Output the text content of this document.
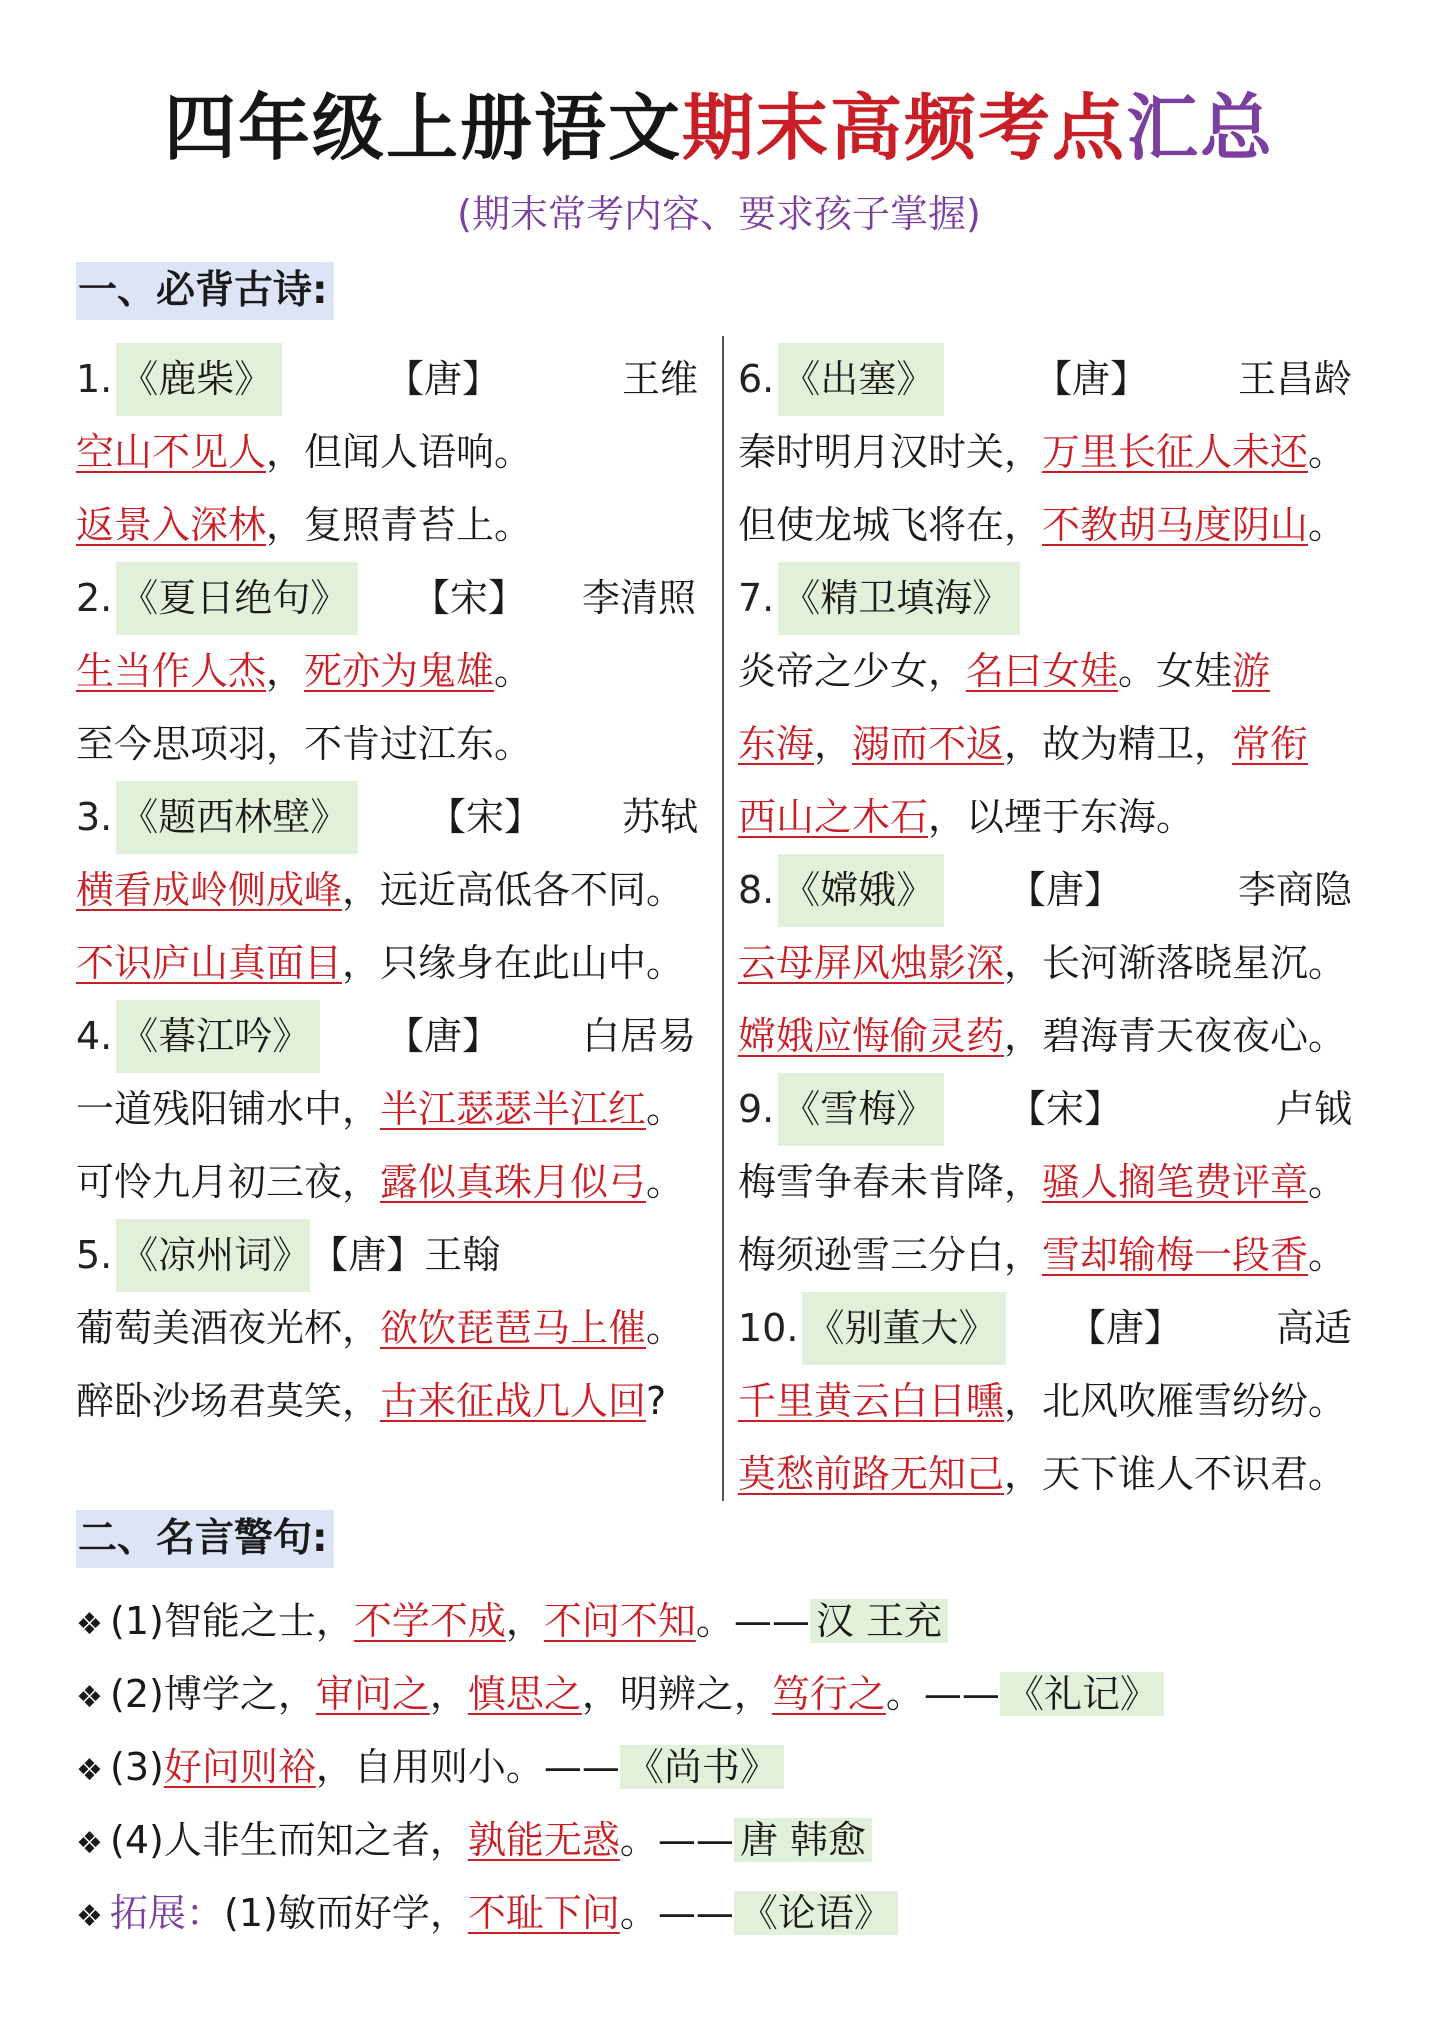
四年级上册语文期末高频考点汇总
(期末常考内容、要求孩子掌握)
一、必背古诗:
1. 《鹿柴》	【唐】	王维
空山不见人，但闻人语响。
返景入深林，复照青苔上。
2. 《夏日绝句》 【宋】 李清照
生当作人杰，死亦为鬼雄。
至今思项羽，不肯过江东。
3. 《题西林壁》 【宋】 苏轼
横看成岭侧成峰，远近高低各不同。
不识庐山真面目，只缘身在此山中。
4. 《暮江吟》 【唐】 白居易
一道残阳铺水中，半江瑟瑟半江红。
可怜九月初三夜，露似真珠月似弓。
5. 《凉州词》 【唐】 王翰
葡萄美酒夜光杯，欲饮琵琶马上催。
醉卧沙场君莫笑，古来征战几人回?
6. 《出塞》	【唐】 王昌龄
秦时明月汉时关，万里长征人未还。
但使龙城飞将在，不教胡马度阴山。
7. 《精卫填海》
炎帝之少女，名曰女娃。女娃游
东海，溺而不返，故为精卫，常衔
西山之木石，以堙于东海。
8. 《嫦娥》 【唐】	李商隐
云母屏风烛影深，长河渐落晓星沉。
嫦娥应悔偷灵药，碧海青天夜夜心。
9. 《雪梅》 【宋】	卢钺
梅雪争春未肯降，骚人搁笔费评章。
梅须逊雪三分白，雪却输梅一段香。
10. 《别董大》 【唐】 高适
千里黄云白日曛，北风吹雁雪纷纷。
莫愁前路无知己，天下谁人不识君。
二、名言警句:
❖ (1)智能之士，不学不成，不问不知。—— 汉 王充
❖ (2)博学之，审问之，慎思之，明辨之，笃行之。—— 《礼记》
❖ (3)好问则裕，自用则小。—— 《尚书》
❖ (4)人非生而知之者，孰能无惑。—— 唐 韩愈
❖ 拓展：(1)敏而好学，不耻下问。—— 《论语》
